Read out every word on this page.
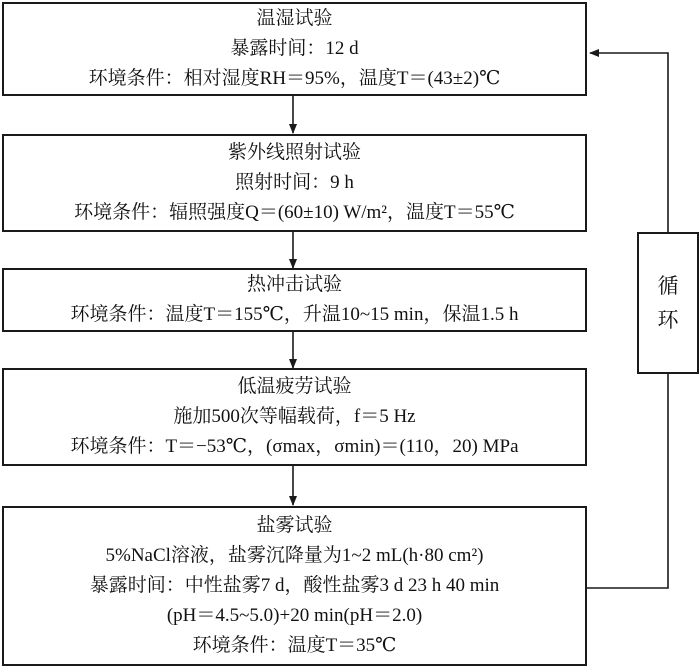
温湿试验
暴露时间：12 d
环境条件：相对湿度RH＝95%，温度T＝(43±2)℃
紫外线照射试验
照射时间：9 h
环境条件：辐照强度Q＝(60±10) W/m²，温度T＝55℃
热冲击试验
环境条件：温度T＝155℃，升温10~15 min，保温1.5 h
低温疲劳试验
施加500次等幅载荷，f＝5 Hz
环境条件：T＝−53℃，(σmax，σmin)＝(110，20) MPa
盐雾试验
5%NaCl溶液，盐雾沉降量为1~2 mL(h·80 cm²)
暴露时间：中性盐雾7 d，酸性盐雾3 d 23 h 40 min
(pH＝4.5~5.0)+20 min(pH＝2.0)
环境条件：温度T＝35℃
循
环
